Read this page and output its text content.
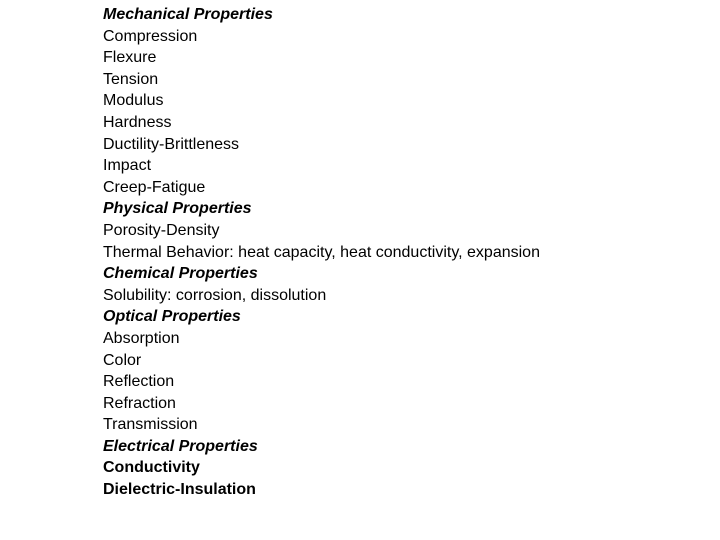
Mechanical Properties
Compression
Flexure
Tension
Modulus
Hardness
Ductility-Brittleness
Impact
Creep-Fatigue
Physical Properties
Porosity-Density
Thermal Behavior: heat capacity, heat conductivity, expansion
Chemical Properties
Solubility: corrosion, dissolution
Optical Properties
Absorption
Color
Reflection
Refraction
Transmission
Electrical Properties
Conductivity
Dielectric-Insulation
